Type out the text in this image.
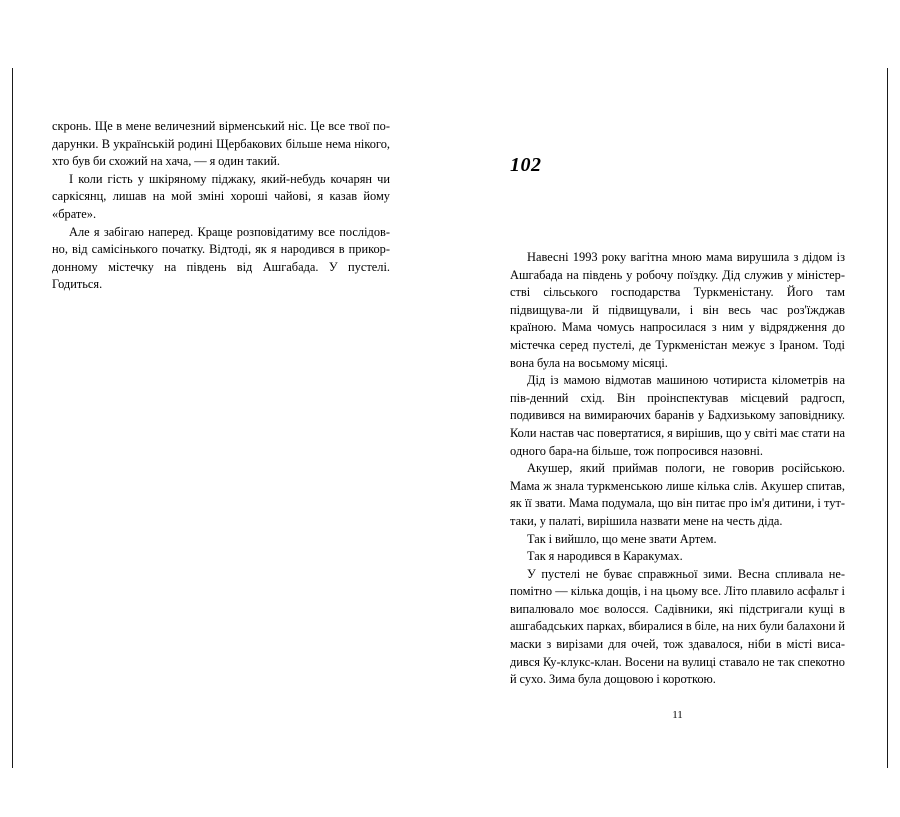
скронь. Ще в мене величезний вірменський ніс. Це все твої по-дарунки. В українській родині Щербакових більше нема нікого, хто був би схожий на хача, — я один такий.

І коли гість у шкіряному піджаку, який-небудь кочарян чи саркісянц, лишав на мой зміні хороші чайові, я казав йому «брате».

Але я забігаю наперед. Краще розповідатиму все послідов-но, від самісінького початку. Відтоді, як я народився в прикор-донному містечку на південь від Ашгабада. У пустелі. Годиться.

102

Навесні 1993 року вагітна мною мама вирушила з дідом із Ашгабада на південь у робочу поїздку. Дід служив у міністер-стві сільського господарства Туркменістану. Його там підвищува-ли й підвищували, і він весь час роз'їжджав країною. Мама чомусь напросилася з ним у відрядження до містечка серед пустелі, де Туркменістан межує з Іраном. Тоді вона була на восьмому місяці.

Дід із мамою відмотав машиною чотириста кілометрів на пів-денний схід. Він проінспектував місцевий радгосп, подивився на вимираючих баранів у Бадхизькому заповіднику. Коли настав час повертатися, я вирішив, що у світі має стати на одного бара-на більше, тож попросився назовні.

Акушер, який приймав пологи, не говорив російською. Мама ж знала туркменською лише кілька слів. Акушер спитав, як її звати. Мама подумала, що він питає про ім'я дитини, і тут-таки, у палаті, вирішила назвати мене на честь діда.

Так і вийшло, що мене звати Артем.

Так я народився в Каракумах.

У пустелі не буває справжньої зими. Весна спливала не-помітно — кілька дощів, і на цьому все. Літо плавило асфальт і випалювало моє волосся. Садівники, які підстригали кущі в ашгабадських парках, вбиралися в біле, на них були балахони й маски з вирізами для очей, тож здавалося, ніби в місті виса-дився Ку-клукс-клан. Восени на вулиці ставало не так спекотно й сухо. Зима була дощовою і короткою.

11
